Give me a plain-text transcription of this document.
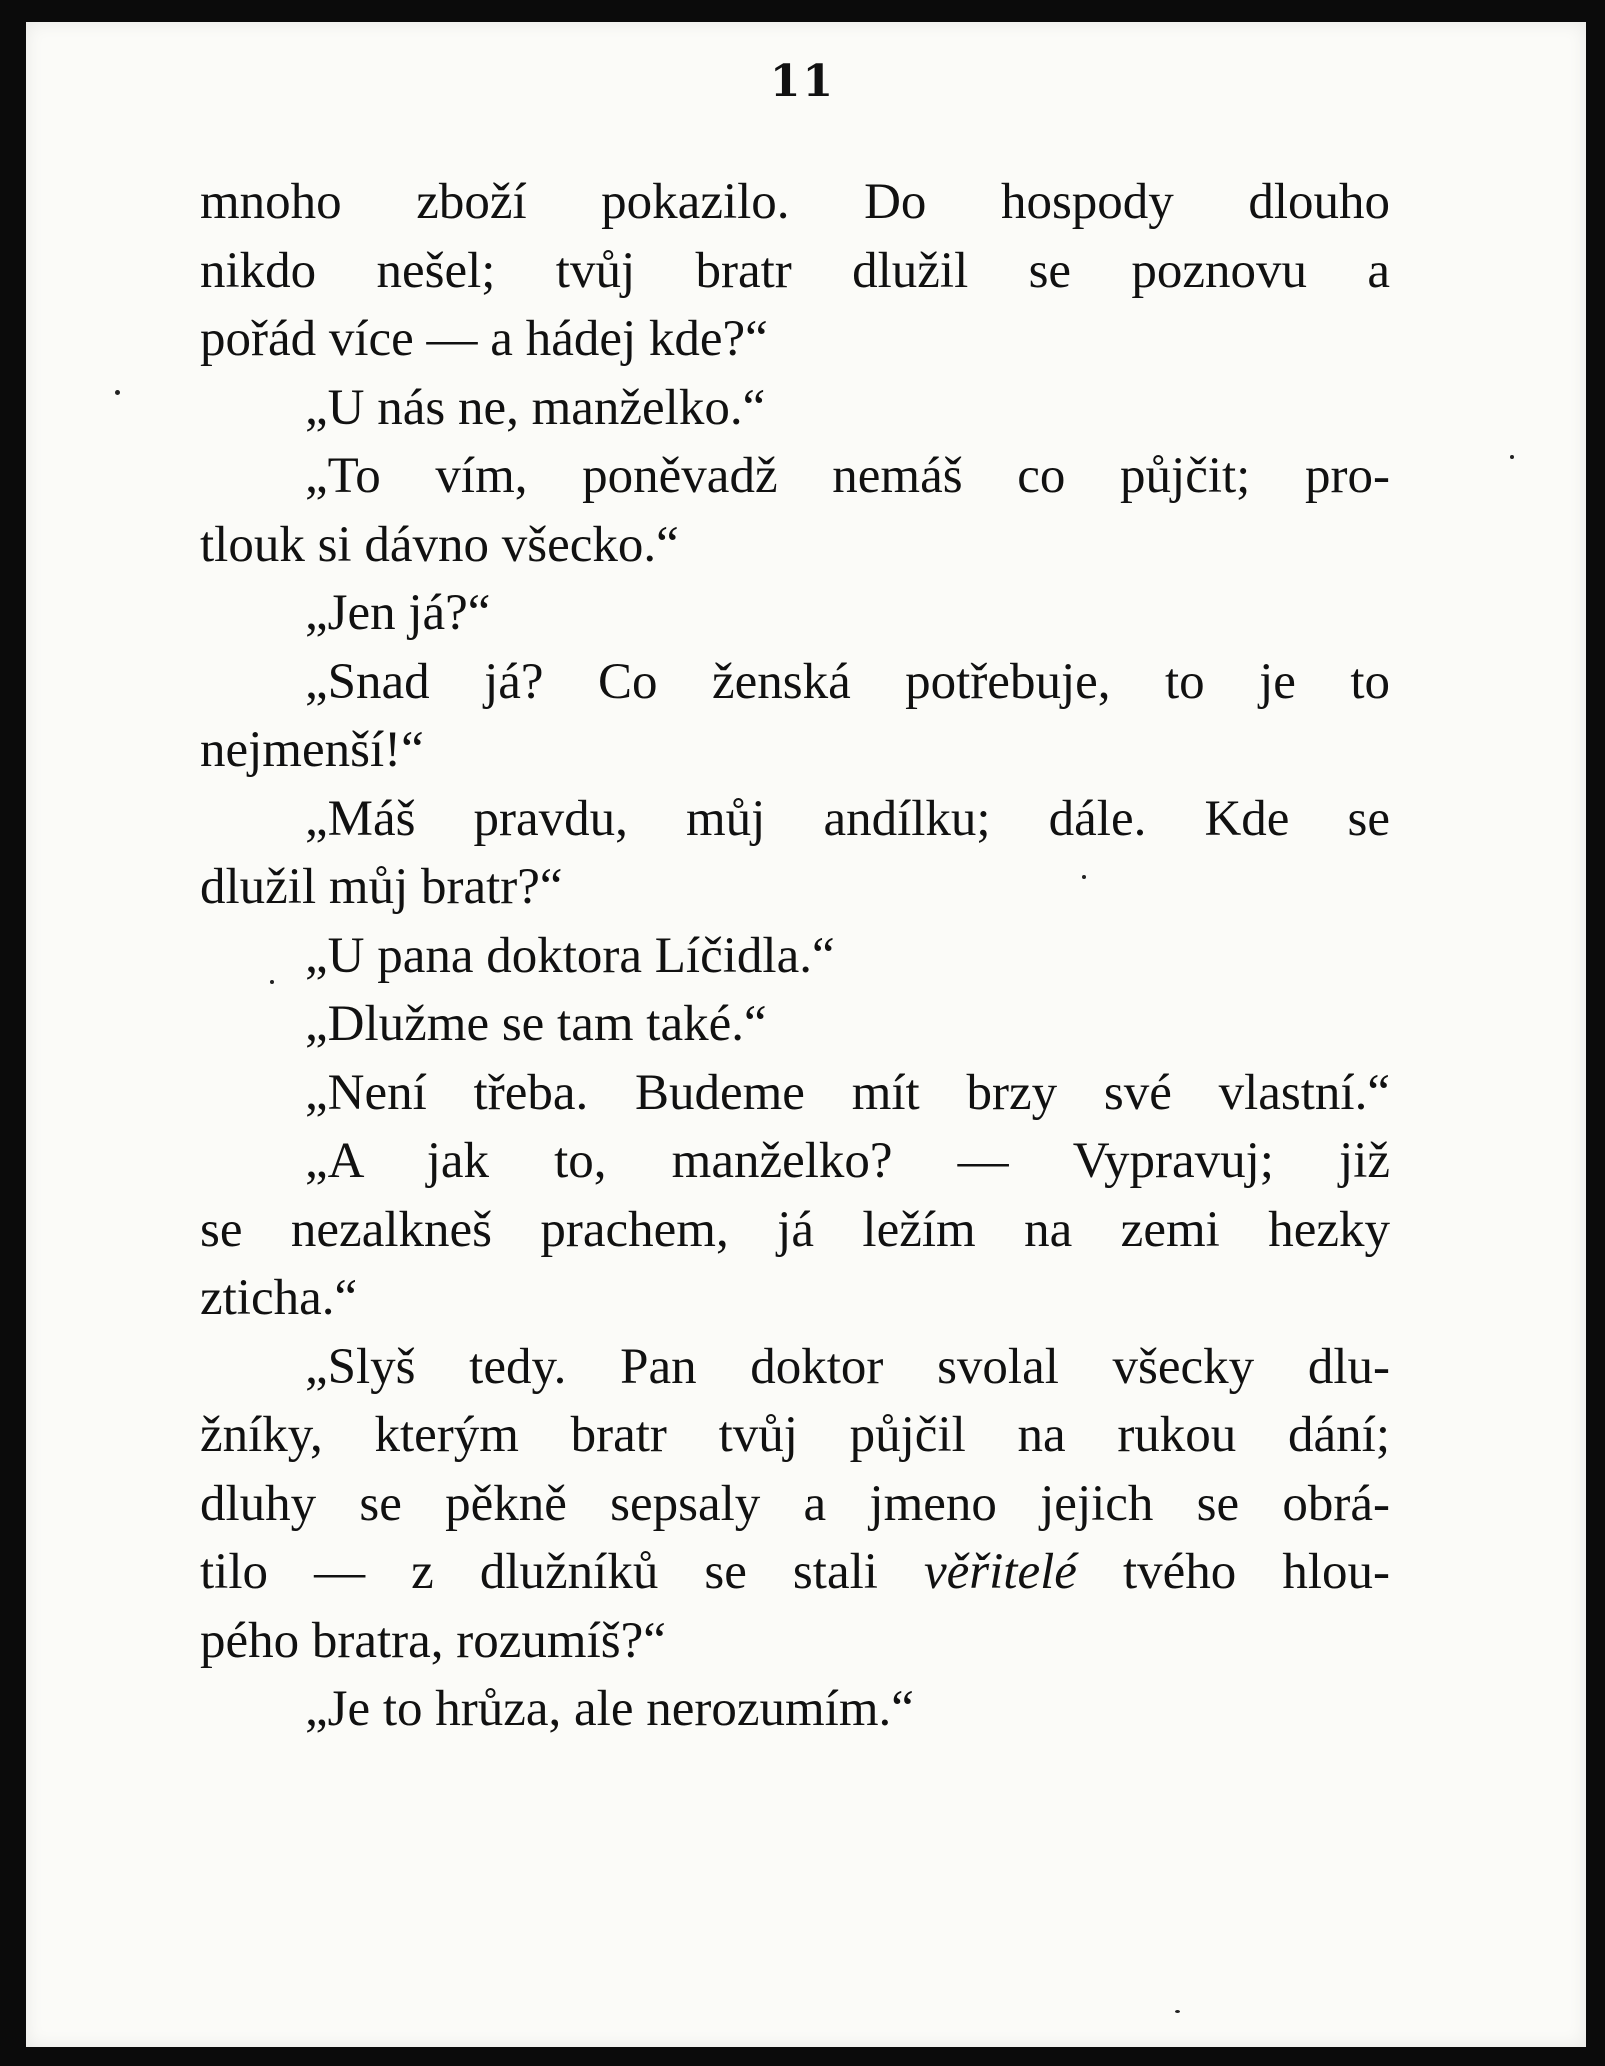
11
mnoho zboží pokazilo. Do hospody dlouho
nikdo nešel; tvůj bratr dlužil se poznovu a
pořád více — a hádej kde?“
„U nás ne, manželko.“
„To vím, poněvadž nemáš co půjčit; pro-
tlouk si dávno všecko.“
„Jen já?“
„Snad já? Co ženská potřebuje, to je to
nejmenší!“
„Máš pravdu, můj andílku; dále. Kde se
dlužil můj bratr?“
„U pana doktora Líčidla.“
„Dlužme se tam také.“
„Není třeba. Budeme mít brzy své vlastní.“
„A jak to, manželko? — Vypravuj; již
se nezalkneš prachem, já ležím na zemi hezky
zticha.“
„Slyš tedy. Pan doktor svolal všecky dlu-
žníky, kterým bratr tvůj půjčil na rukou dání;
dluhy se pěkně sepsaly a jmeno jejich se obrá-
tilo — z dlužníků se stali věřitelé tvého hlou-
pého bratra, rozumíš?“
„Je to hrůza, ale nerozumím.“
